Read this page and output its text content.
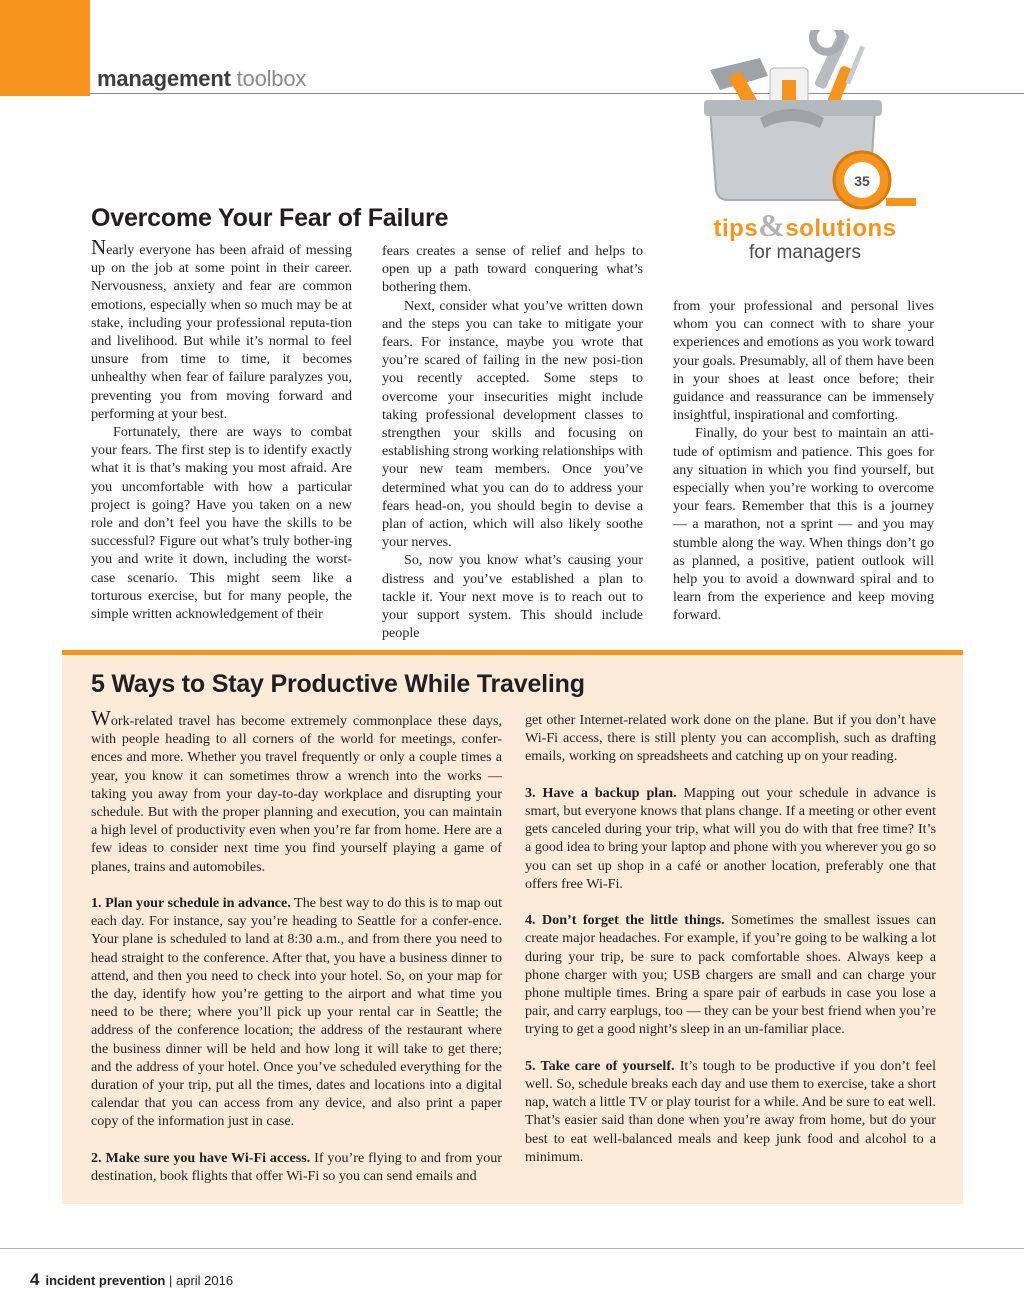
management toolbox
35
tips&solutions
for managers
Overcome Your Fear of Failure

Nearly everyone has been afraid of messing up on the job at some point in their career. Nervousness, anxiety and fear are common emotions, especially when so much may be at stake, including your professional reputa-tion and livelihood. But while it’s normal to feel unsure from time to time, it becomes unhealthy when fear of failure paralyzes you, preventing you from moving forward and performing at your best.

Fortunately, there are ways to combat your fears. The first step is to identify exactly what it is that’s making you most afraid. Are you uncomfortable with how a particular project is going? Have you taken on a new role and don’t feel you have the skills to be successful? Figure out what’s truly bother-ing you and write it down, including the worst-case scenario. This might seem like a torturous exercise, but for many people, the simple written acknowledgement of their

fears creates a sense of relief and helps to open up a path toward conquering what’s bothering them.

Next, consider what you’ve written down and the steps you can take to mitigate your fears. For instance, maybe you wrote that you’re scared of failing in the new posi-tion you recently accepted. Some steps to overcome your insecurities might include taking professional development classes to strengthen your skills and focusing on establishing strong working relationships with your new team members. Once you’ve determined what you can do to address your fears head-on, you should begin to devise a plan of action, which will also likely soothe your nerves.

So, now you know what’s causing your distress and you’ve established a plan to tackle it. Your next move is to reach out to your support system. This should include people

from your professional and personal lives whom you can connect with to share your experiences and emotions as you work toward your goals. Presumably, all of them have been in your shoes at least once before; their guidance and reassurance can be immensely insightful, inspirational and comforting.

Finally, do your best to maintain an atti-tude of optimism and patience. This goes for any situation in which you find yourself, but especially when you’re working to overcome your fears. Remember that this is a journey — a marathon, not a sprint — and you may stumble along the way. When things don’t go as planned, a positive, patient outlook will help you to avoid a downward spiral and to learn from the experience and keep moving forward.

5 Ways to Stay Productive While Traveling

Work-related travel has become extremely commonplace these days, with people heading to all corners of the world for meetings, confer-ences and more. Whether you travel frequently or only a couple times a year, you know it can sometimes throw a wrench into the works — taking you away from your day-to-day workplace and disrupting your schedule. But with the proper planning and execution, you can maintain a high level of productivity even when you’re far from home. Here are a few ideas to consider next time you find yourself playing a game of planes, trains and automobiles.

1. Plan your schedule in advance. The best way to do this is to map out each day. For instance, say you’re heading to Seattle for a confer-ence. Your plane is scheduled to land at 8:30 a.m., and from there you need to head straight to the conference. After that, you have a business dinner to attend, and then you need to check into your hotel. So, on your map for the day, identify how you’re getting to the airport and what time you need to be there; where you’ll pick up your rental car in Seattle; the address of the conference location; the address of the restaurant where the business dinner will be held and how long it will take to get there; and the address of your hotel. Once you’ve scheduled everything for the duration of your trip, put all the times, dates and locations into a digital calendar that you can access from any device, and also print a paper copy of the information just in case.

2. Make sure you have Wi-Fi access. If you’re flying to and from your destination, book flights that offer Wi-Fi so you can send emails and

get other Internet-related work done on the plane. But if you don’t have Wi-Fi access, there is still plenty you can accomplish, such as drafting emails, working on spreadsheets and catching up on your reading.

3. Have a backup plan. Mapping out your schedule in advance is smart, but everyone knows that plans change. If a meeting or other event gets canceled during your trip, what will you do with that free time? It’s a good idea to bring your laptop and phone with you wherever you go so you can set up shop in a café or another location, preferably one that offers free Wi-Fi.

4. Don’t forget the little things. Sometimes the smallest issues can create major headaches. For example, if you’re going to be walking a lot during your trip, be sure to pack comfortable shoes. Always keep a phone charger with you; USB chargers are small and can charge your phone multiple times. Bring a spare pair of earbuds in case you lose a pair, and carry earplugs, too — they can be your best friend when you’re trying to get a good night’s sleep in an un-familiar place.

5. Take care of yourself. It’s tough to be productive if you don’t feel well. So, schedule breaks each day and use them to exercise, take a short nap, watch a little TV or play tourist for a while. And be sure to eat well. That’s easier said than done when you’re away from home, but do your best to eat well-balanced meals and keep junk food and alcohol to a minimum.

4 incident prevention | april 2016
